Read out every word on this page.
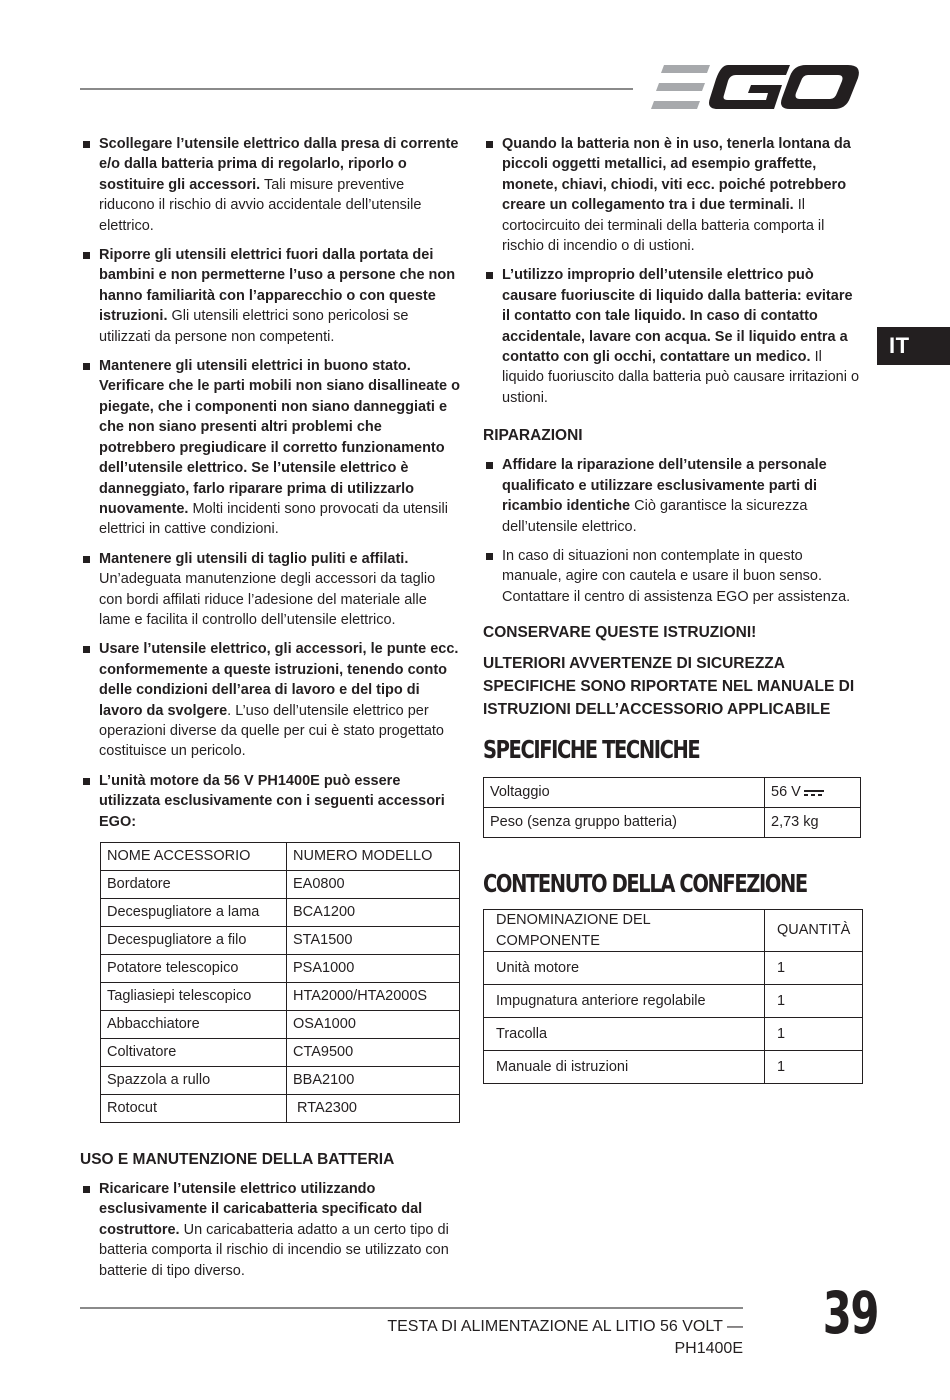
IT
Scollegare l’utensile elettrico dalla presa di corrente e/o dalla batteria prima di regolarlo, riporlo o sostituire gli accessori. Tali misure preventive riducono il rischio di avvio accidentale dell’utensile elettrico.
Riporre gli utensili elettrici fuori dalla portata dei bambini e non permetterne l’uso a persone che non hanno familiarità con l’apparecchio o con queste istruzioni. Gli utensili elettrici sono pericolosi se utilizzati da persone non competenti.
Mantenere gli utensili elettrici in buono stato. Verificare che le parti mobili non siano disallineate o piegate, che i componenti non siano danneggiati e che non siano presenti altri problemi che potrebbero pregiudicare il corretto funzionamento dell’utensile elettrico. Se l’utensile elettrico è danneggiato, farlo riparare prima di utilizzarlo nuovamente. Molti incidenti sono provocati da utensili elettrici in cattive condizioni.
Mantenere gli utensili di taglio puliti e affilati. Un’adeguata manutenzione degli accessori da taglio con bordi affilati riduce l’adesione del materiale alle lame e facilita il controllo dell’utensile elettrico.
Usare l’utensile elettrico, gli accessori, le punte ecc. conformemente a queste istruzioni, tenendo conto delle condizioni dell’area di lavoro e del tipo di lavoro da svolgere. L’uso dell’utensile elettrico per operazioni diverse da quelle per cui è stato progettato costituisce un pericolo.
L’unità motore da 56 V PH1400E può essere utilizzata esclusivamente con i seguenti accessori EGO:
NOME ACCESSORIO	NUMERO MODELLO
Bordatore	EA0800
Decespugliatore a lama	BCA1200
Decespugliatore a filo	STA1500
Potatore telescopico	PSA1000
Tagliasiepi telescopico	HTA2000/HTA2000S
Abbacchiatore	OSA1000
Coltivatore	CTA9500
Spazzola a rullo	BBA2100
Rotocut	RTA2300
USO E MANUTENZIONE DELLA BATTERIA
Ricaricare l’utensile elettrico utilizzando esclusivamente il caricabatteria specificato dal costruttore. Un caricabatteria adatto a un certo tipo di batteria comporta il rischio di incendio se utilizzato con batterie di tipo diverso.
Quando la batteria non è in uso, tenerla lontana da piccoli oggetti metallici, ad esempio graffette, monete, chiavi, chiodi, viti ecc. poiché potrebbero creare un collegamento tra i due terminali. Il cortocircuito dei terminali della batteria comporta il rischio di incendio o di ustioni.
L’utilizzo improprio dell’utensile elettrico può causare fuoriuscite di liquido dalla batteria: evitare il contatto con tale liquido. In caso di contatto accidentale, lavare con acqua. Se il liquido entra a contatto con gli occhi, contattare un medico. Il liquido fuoriuscito dalla batteria può causare irritazioni o ustioni.
RIPARAZIONI
Affidare la riparazione dell’utensile a personale qualificato e utilizzare esclusivamente parti di ricambio identiche Ciò garantisce la sicurezza dell’utensile elettrico.
In caso di situazioni non contemplate in questo manuale, agire con cautela e usare il buon senso. Contattare il centro di assistenza EGO per assistenza.
CONSERVARE QUESTE ISTRUZIONI!
ULTERIORI AVVERTENZE DI SICUREZZA SPECIFICHE SONO RIPORTATE NEL MANUALE DI ISTRUZIONI DELL’ACCESSORIO APPLICABILE
SPECIFICHE TECNICHE
Voltaggio	56 V
Peso (senza gruppo batteria)	2,73 kg
CONTENUTO DELLA CONFEZIONE
DENOMINAZIONE DEL COMPONENTE	QUANTITÀ
Unità motore	1
Impugnatura anteriore regolabile	1
Tracolla	1
Manuale di istruzioni	1
TESTA DI ALIMENTAZIONE AL LITIO 56 VOLT — PH1400E
39
